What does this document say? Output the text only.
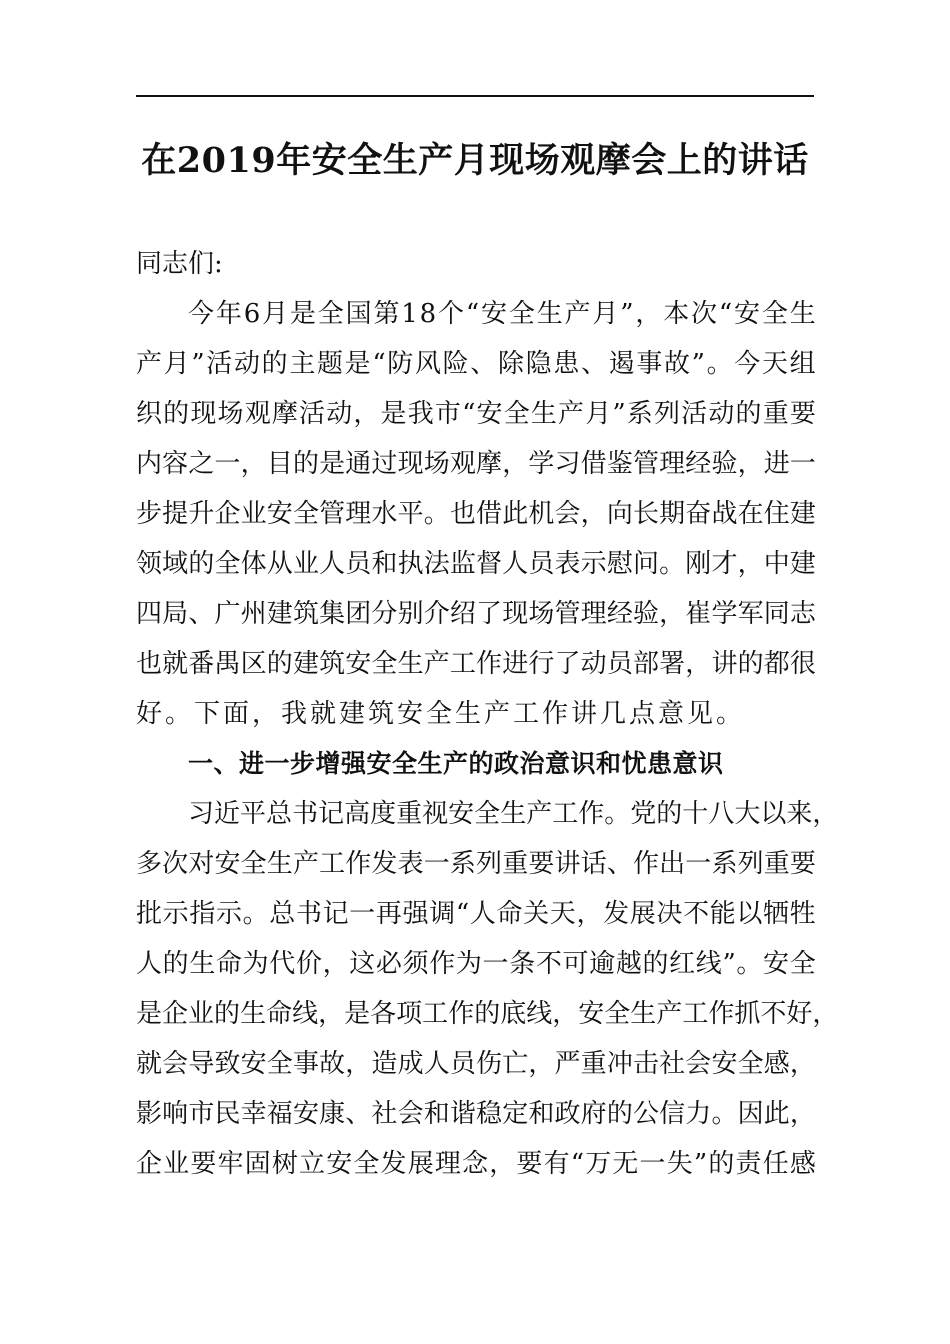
在2019年安全生产月现场观摩会上的讲话
同志们:
今 年 6 月 是 全 国 第 1 8 个 “ 安 全 生 产 月 ” ， 本 次 “ 安 全 生
产 月 ” 活 动 的 主 题 是 “ 防 风 险 、 除 隐 患 、 遏 事 故 ” 。 今 天 组
织 的 现 场 观 摩 活 动 ， 是 我 市 “ 安 全 生 产 月 ” 系 列 活 动 的 重 要
内 容 之 一 ， 目 的 是 通 过 现 场 观 摩 ， 学 习 借 鉴 管 理 经 验 ， 进 一
步 提 升 企 业 安 全 管 理 水 平 。 也 借 此 机 会 ， 向 长 期 奋 战 在 住 建
领 域 的 全 体 从 业 人 员 和 执 法 监 督 人 员 表 示 慰 问 。 刚 才 ， 中 建
四 局 、 广 州 建 筑 集 团 分 别 介 绍 了 现 场 管 理 经 验 ， 崔 学 军 同 志
也 就 番 禺 区 的 建 筑 安 全 生 产 工 作 进 行 了 动 员 部 署 ， 讲 的 都 很
好。下面，我就建筑安全生产工作讲几点意见。
一、进一步增强安全生产的政治意识和忧患意识
习 近 平 总 书 记 高 度 重 视 安 全 生 产 工 作 。 党 的 十 八 大 以 来 ，
多 次 对 安 全 生 产 工 作 发 表 一 系 列 重 要 讲 话 、 作 出 一 系 列 重 要
批 示 指 示 。 总 书 记 一 再 强 调 “ 人 命 关 天 ， 发 展 决 不 能 以 牺 牲
人 的 生 命 为 代 价 ， 这 必 须 作 为 一 条 不 可 逾 越 的 红 线 ” 。 安 全
是 企 业 的 生 命 线 ， 是 各 项 工 作 的 底 线 ， 安 全 生 产 工 作 抓 不 好 ，
就 会 导 致 安 全 事 故 ， 造 成 人 员 伤 亡 ， 严 重 冲 击 社 会 安 全 感 ，
影 响 市 民 幸 福 安 康 、 社 会 和 谐 稳 定 和 政 府 的 公 信 力 。 因 此 ，
企 业 要 牢 固 树 立 安 全 发 展 理 念 ， 要 有 “ 万 无 一 失 ” 的 责 任 感
